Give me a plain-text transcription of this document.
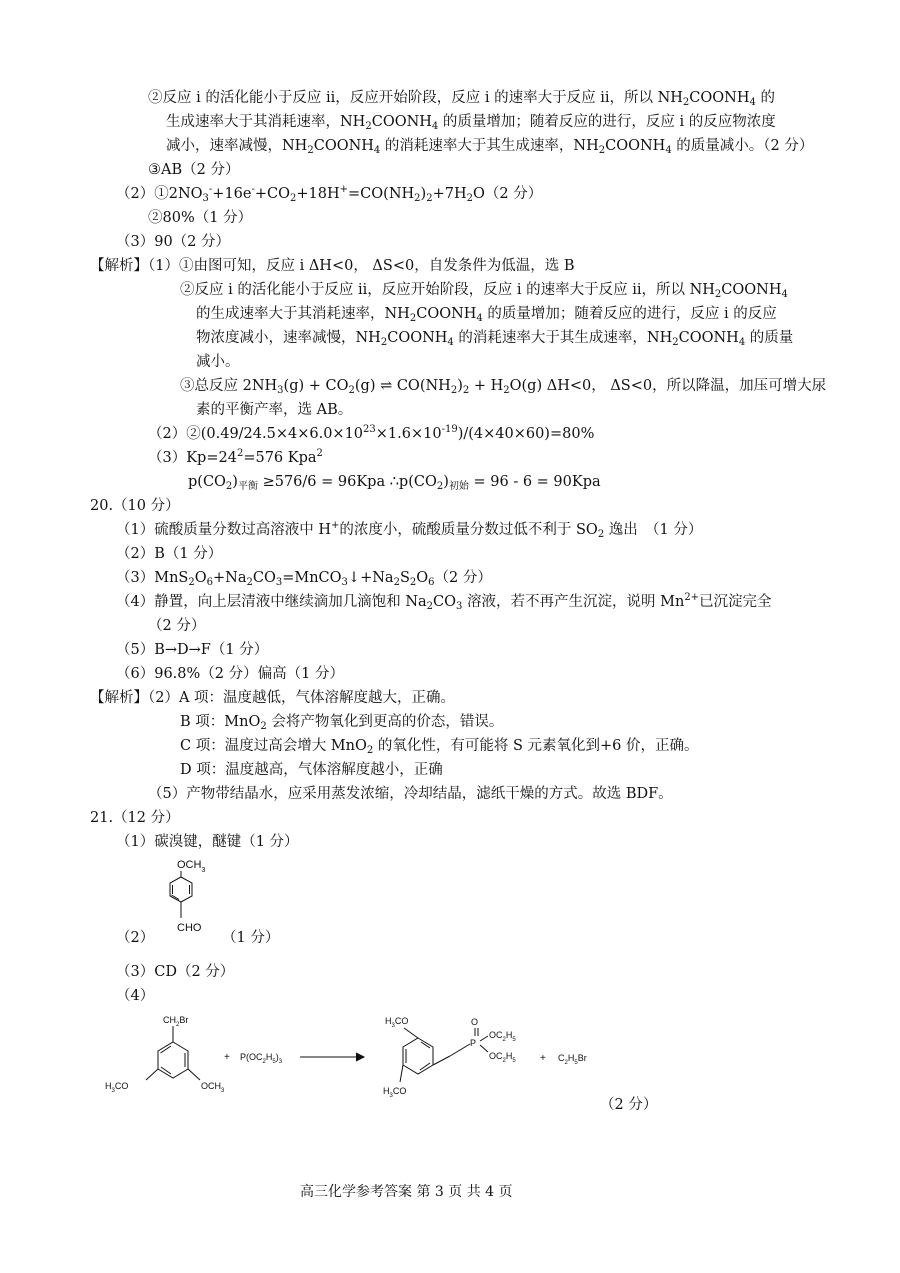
②反应 i 的活化能小于反应 ii，反应开始阶段，反应 i 的速率大于反应 ii，所以 $NH_2COONH_4$ 的
生成速率大于其消耗速率，$NH_2COONH_4$ 的质量增加；随着反应的进行，反应 i 的反应物浓度
减小，速率减慢，$NH_2COONH_4$ 的消耗速率大于其生成速率，$NH_2COONH_4$ 的质量减小。（2 分）
③AB（2 分）
$(2)①2NO_3^-+16e^-+CO_2+18H^+=CO(NH_2)_2+7H_2O(2$ 分）
②80%（1 分）
（3）90（2 分）
【解析】（1）①由图可知，反应 i ΔH<0， ΔS<0，自发条件为低温，选 B
②反应 i 的活化能小于反应 ii，反应开始阶段，反应 i 的速率大于反应 ii，所以 $NH_2COONH_4$
的生成速率大于其消耗速率，$NH_2COONH_4$ 的质量增加；随着反应的进行，反应 i 的反应
物浓度减小，速率减慢，$NH_2COONH_4$ 的消耗速率大于其生成速率，$NH_2COONH_4$ 的质量
减小。
③总反应 $2NH_3(g) + CO_2(g)$ ⇌ $CO(NH_2)_2 + H_2O(g)$ ΔH<0， ΔS<0，所以降温，加压可增大尿
素的平衡产率，选 AB。
$(2)②(0.49/24.5\times 4\times 6.0\times 10^{23}\times 1.6\times 10^{-19})/(4\times 40\times 60)=80\%$
$(3)Kp=24^2=576$ Kpa$^2$
$p(CO_2)_{平衡} \ge 576/6 = 96Kpa$ $\therefore p(CO_2)_{初始} = 96 - 6 = 90Kpa$
20.（10 分）
（1）硫酸质量分数过高溶液中 H+的浓度小，硫酸质量分数过低不利于 $SO_2$ 逸出　（1 分）
（2）B（1 分）
$(3)MnS_2O_6+Na_2CO_3=MnCO_3↓+Na_2S_2O_6(2$ 分）
（4）静置，向上层清液中继续滴加几滴饱和 $Na_2CO_3$ 溶液，若不再产生沉淀，说明 $Mn^{2+}$已沉淀完全
（2 分）
（5）B→D→F（1 分）
（6）96.8%（2 分）偏高（1 分）
【解析】（2）A 项：温度越低，气体溶解度越大，正确。
B 项：MnO$_2$ 会将产物氧化到更高的价态，错误。
C 项：温度过高会增大 MnO$_2$ 的氧化性，有可能将 S 元素氧化到+6 价，正确。
D 项：温度越高，气体溶解度越小，正确
（5）产物带结晶水，应采用蒸发浓缩，冷却结晶，滤纸干燥的方式。故选 BDF。
21.（12 分）
（1）碳溴键，醚键（1 分）
（2）	（1 分）
（3）CD（2 分）
（4）
（2 分）
$OCH_3$
CHO
$CH_2Br$
$H_3CO$	$OCH_3$
+ $P(OC_2H_5)_3$
$H_3CO$
P
O
$OC_2H_5$
$OC_2H_5$
$H_3CO$
+ $C_2H_5Br$
高三化学参考答案 第 3 页 共 4 页
